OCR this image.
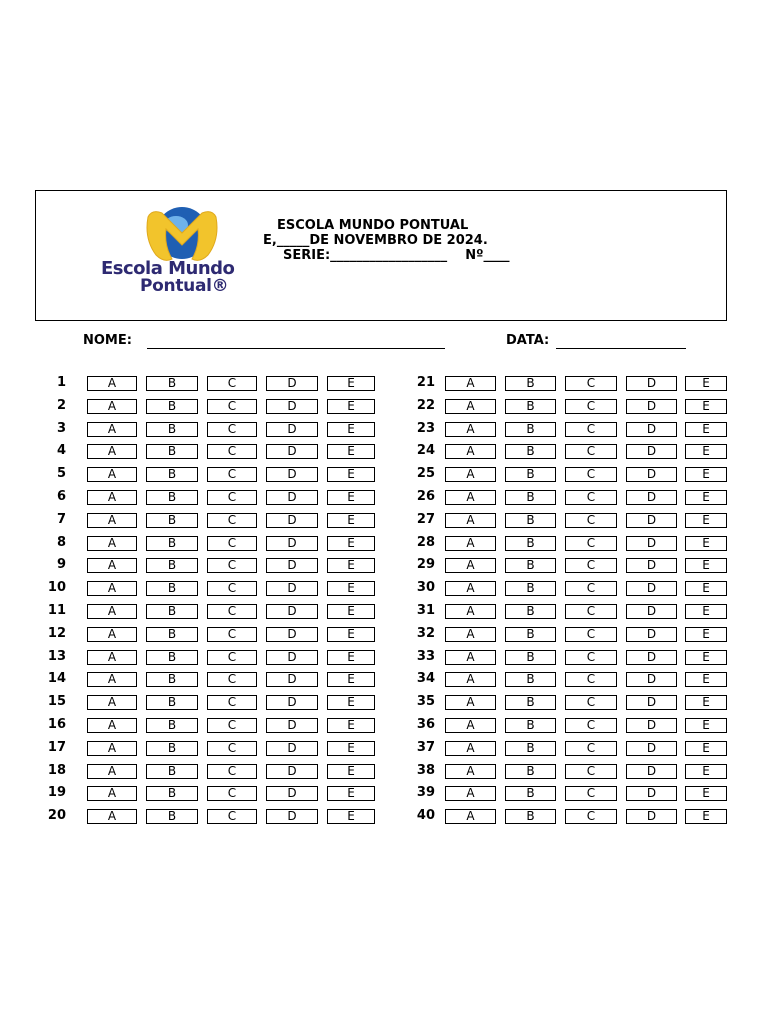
Escola Mundo
Pontual®
ESCOLA MUNDO PONTUAL
E,_____DE NOVEMBRO DE 2024.
SERIE:__________________    Nº____
NOME:	DATA:
1	A	B	C	D	E
2	A	B	C	D	E
3	A	B	C	D	E
4	A	B	C	D	E
5	A	B	C	D	E
6	A	B	C	D	E
7	A	B	C	D	E
8	A	B	C	D	E
9	A	B	C	D	E
10	A	B	C	D	E
11	A	B	C	D	E
12	A	B	C	D	E
13	A	B	C	D	E
14	A	B	C	D	E
15	A	B	C	D	E
16	A	B	C	D	E
17	A	B	C	D	E
18	A	B	C	D	E
19	A	B	C	D	E
20	A	B	C	D	E
21	A	B	C	D	E
22	A	B	C	D	E
23	A	B	C	D	E
24	A	B	C	D	E
25	A	B	C	D	E
26	A	B	C	D	E
27	A	B	C	D	E
28	A	B	C	D	E
29	A	B	C	D	E
30	A	B	C	D	E
31	A	B	C	D	E
32	A	B	C	D	E
33	A	B	C	D	E
34	A	B	C	D	E
35	A	B	C	D	E
36	A	B	C	D	E
37	A	B	C	D	E
38	A	B	C	D	E
39	A	B	C	D	E
40	A	B	C	D	E
